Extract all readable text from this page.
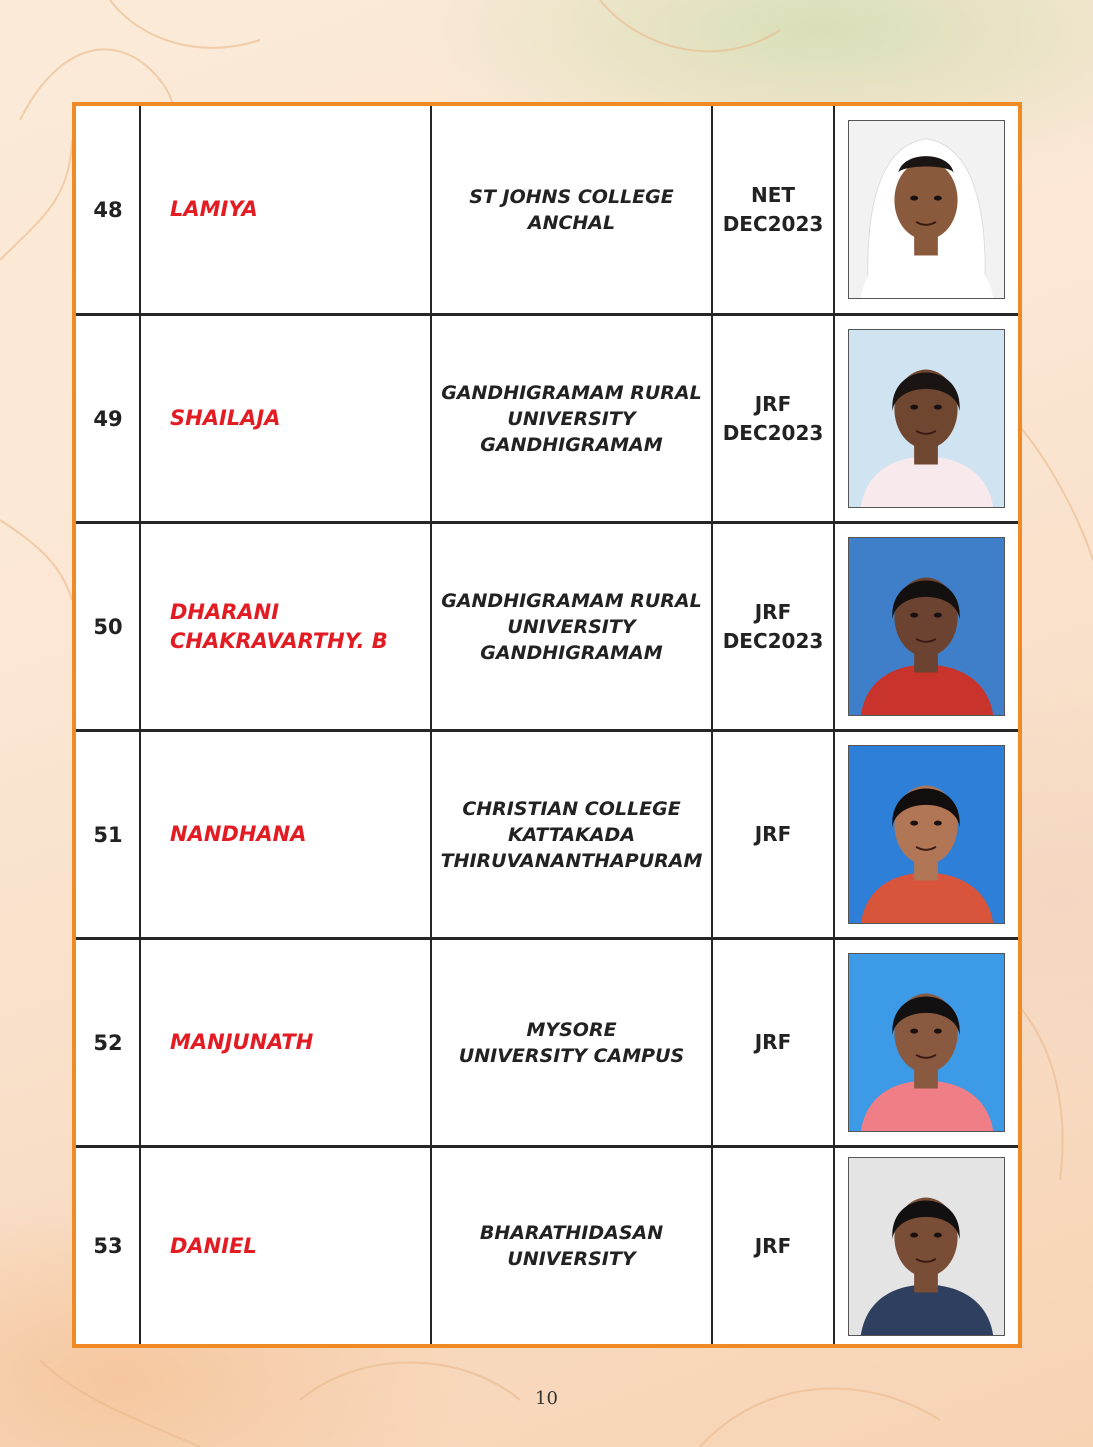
48 LAMIYA
ST JOHNS COLLEGE
ANCHAL
NET
DEC2023
49 SHAILAJA
GANDHIGRAMAM RURAL
UNIVERSITY
GANDHIGRAMAM
JRF
DEC2023
50
DHARANI
CHAKRAVARTHY. B
GANDHIGRAMAM RURAL
UNIVERSITY
GANDHIGRAMAM
JRF
DEC2023
51 NANDHANA
CHRISTIAN COLLEGE
KATTAKADA
THIRUVANANTHAPURAM
JRF
52 MANJUNATH
MYSORE
UNIVERSITY CAMPUS
JRF
53 DANIEL
BHARATHIDASAN
UNIVERSITY
JRF
10
